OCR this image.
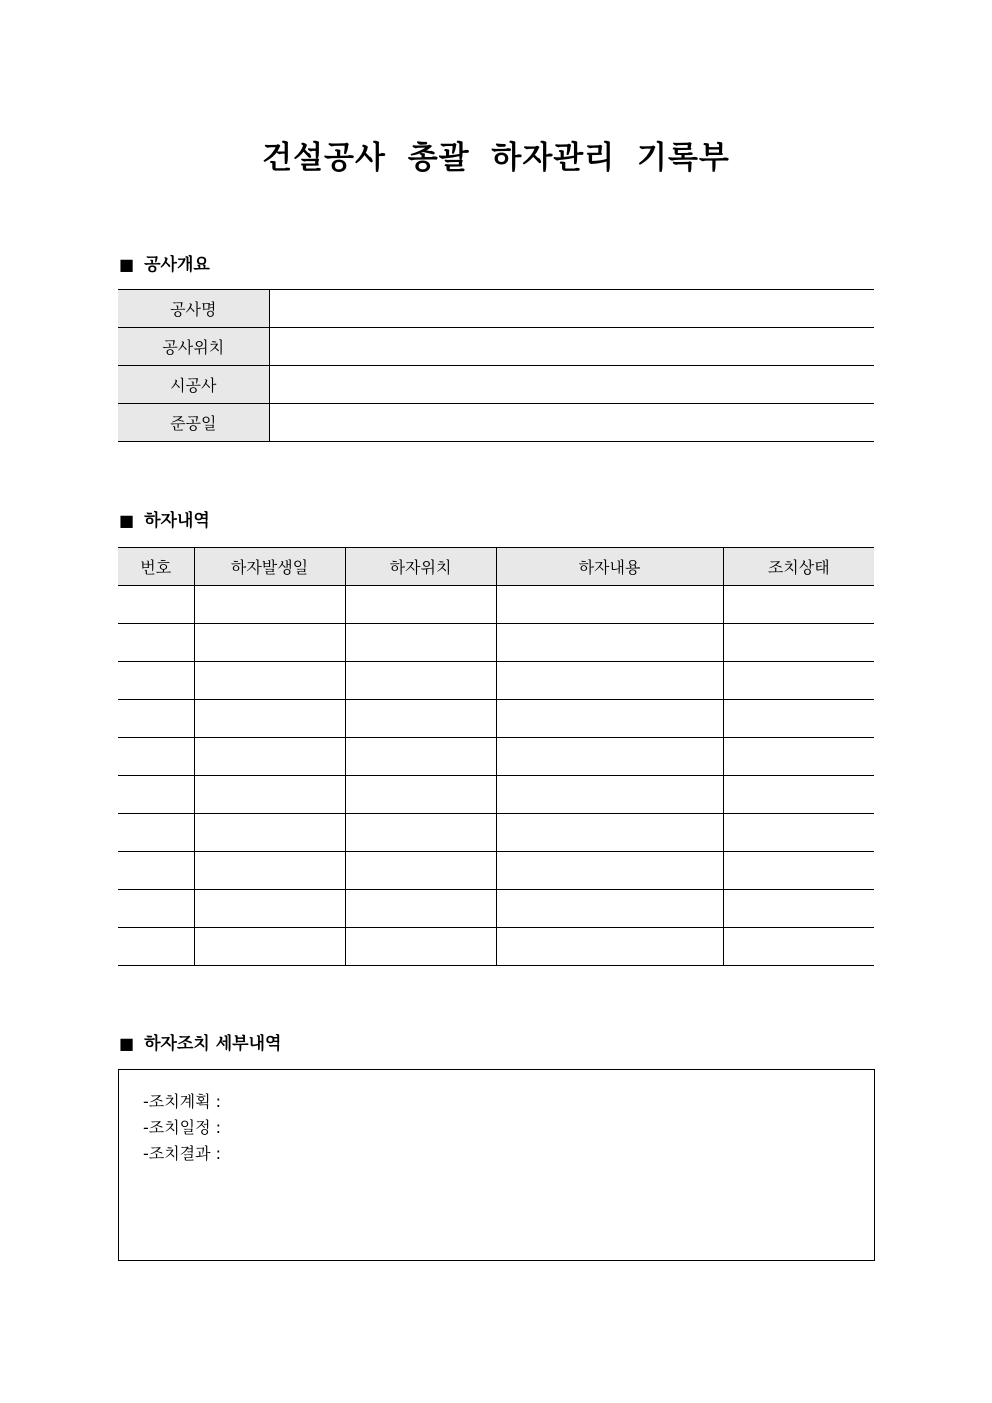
건설공사 총괄 하자관리 기록부
■ 공사개요
공사명	
공사위치	
시공사	
준공일	
■ 하자내역
번호	하자발생일	하자위치	하자내용	조치상태

■ 하자조치 세부내역
-조치계획 :
-조치일정 :
-조치결과 :
